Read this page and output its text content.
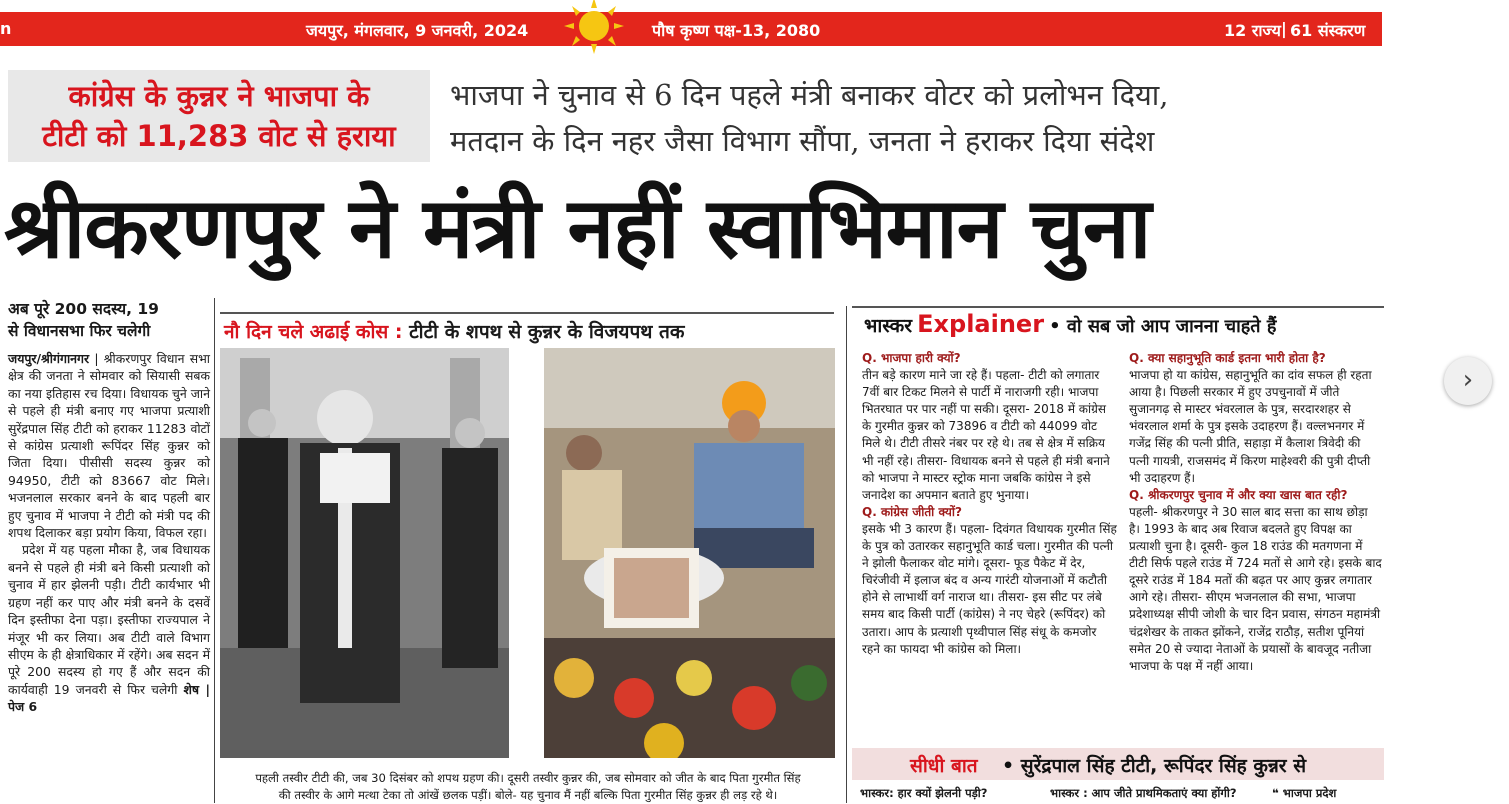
n	जयपुर, मंगलवार, 9 जनवरी, 2024	पौष कृष्ण पक्ष-13, 2080	12 राज्य | 61 संस्करण
कांग्रेस के कुन्नर ने भाजपा के
टीटी को 11,283 वोट से हराया
भाजपा ने चुनाव से 6 दिन पहले मंत्री बनाकर वोटर को प्रलोभन दिया,
मतदान के दिन नहर जैसा विभाग सौंपा, जनता ने हराकर दिया संदेश
श्रीकरणपुर ने मंत्री नहीं स्वाभिमान चुना
अब पूरे 200 सदस्य, 19
से विधानसभा फिर चलेगी

जयपुर/श्रीगंगानगर | श्रीकरणपुर विधान सभा क्षेत्र की जनता ने सोमवार को सियासी सबक का नया इतिहास रच दिया। विधायक चुने जाने से पहले ही मंत्री बनाए गए भाजपा प्रत्याशी सुरेंद्रपाल सिंह टीटी को हराकर 11283 वोटों से कांग्रेस प्रत्याशी रूपिंदर सिंह कुन्नर को जिता दिया। पीसीसी सदस्य कुन्नर को 94950, टीटी को 83667 वोट मिले। भजनलाल सरकार बनने के बाद पहली बार हुए चुनाव में भाजपा ने टीटी को मंत्री पद की शपथ दिलाकर बड़ा प्रयोग किया, विफल रहा।

प्रदेश में यह पहला मौका है, जब विधायक बनने से पहले ही मंत्री बने किसी प्रत्याशी को चुनाव में हार झेलनी पड़ी। टीटी कार्यभार भी ग्रहण नहीं कर पाए और मंत्री बनने के दसवें दिन इस्तीफा देना पड़ा। इस्तीफा राज्यपाल ने मंजूर भी कर लिया। अब टीटी वाले विभाग सीएम के ही क्षेत्राधिकार में रहेंगे। अब सदन में पूरे 200 सदस्य हो गए हैं और सदन की कार्यवाही 19 जनवरी से फिर चलेगी शेष | पेज 6

नौ दिन चले अढाई कोस : टीटी के शपथ से कुन्नर के विजयपथ तक
पहली तस्वीर टीटी की, जब 30 दिसंबर को शपथ ग्रहण की। दूसरी तस्वीर कुन्नर की, जब सोमवार को जीत के बाद पिता गुरमीत सिंह
की तस्वीर के आगे मत्था टेका तो आंखें छलक पड़ीं। बोले- यह चुनाव मैं नहीं बल्कि पिता गुरमीत सिंह कुन्नर ही लड़ रहे थे।
भास्कर Explainer • वो सब जो आप जानना चाहते हैं

Q. भाजपा हारी क्यों?

तीन बड़े कारण माने जा रहे हैं। पहला- टीटी को लगातार 7वीं बार टिकट मिलने से पार्टी में नाराजगी रही। भाजपा भितरघात पर पार नहीं पा सकी। दूसरा- 2018 में कांग्रेस के गुरमीत कुन्नर को 73896 व टीटी को 44099 वोट मिले थे। टीटी तीसरे नंबर पर रहे थे। तब से क्षेत्र में सक्रिय भी नहीं रहे। तीसरा- विधायक बनने से पहले ही मंत्री बनाने को भाजपा ने मास्टर स्ट्रोक माना जबकि कांग्रेस ने इसे जनादेश का अपमान बताते हुए भुनाया।

Q. कांग्रेस जीती क्यों?

इसके भी 3 कारण हैं। पहला- दिवंगत विधायक गुरमीत सिंह के पुत्र को उतारकर सहानुभूति कार्ड चला। गुरमीत की पत्नी ने झोली फैलाकर वोट मांगे। दूसरा- फूड पैकेट में देर, चिरंजीवी में इलाज बंद व अन्य गारंटी योजनाओं में कटौती होने से लाभार्थी वर्ग नाराज था। तीसरा- इस सीट पर लंबे समय बाद किसी पार्टी (कांग्रेस) ने नए चेहरे (रूपिंदर) को उतारा। आप के प्रत्याशी पृथ्वीपाल सिंह संधू के कमजोर रहने का फायदा भी कांग्रेस को मिला।

Q. क्या सहानुभूति कार्ड इतना भारी होता है?

भाजपा हो या कांग्रेस, सहानुभूति का दांव सफल ही रहता आया है। पिछली सरकार में हुए उपचुनावों में जीते सुजानगढ़ से मास्टर भंवरलाल के पुत्र, सरदारशहर से भंवरलाल शर्मा के पुत्र इसके उदाहरण हैं। वल्लभनगर में गजेंद्र सिंह की पत्नी प्रीति, सहाड़ा में कैलाश त्रिवेदी की पत्नी गायत्री, राजसमंद में किरण माहेश्वरी की पुत्री दीप्ती भी उदाहरण हैं।

Q. श्रीकरणपुर चुनाव में और क्या खास बात रही?

पहली- श्रीकरणपुर ने 30 साल बाद सत्ता का साथ छोड़ा है। 1993 के बाद अब रिवाज बदलते हुए विपक्ष का प्रत्याशी चुना है। दूसरी- कुल 18 राउंड की मतगणना में टीटी सिर्फ पहले राउंड में 724 मतों से आगे रहे। इसके बाद दूसरे राउंड में 184 मतों की बढ़त पर आए कुन्नर लगातार आगे रहे। तीसरा- सीएम भजनलाल की सभा, भाजपा प्रदेशाध्यक्ष सीपी जोशी के चार दिन प्रवास, संगठन महामंत्री चंद्रशेखर के ताकत झोंकने, राजेंद्र राठौड़, सतीश पूनियां समेत 20 से ज्यादा नेताओं के प्रयासों के बावजूद नतीजा भाजपा के पक्ष में नहीं आया।

सीधी बात • सुरेंद्रपाल सिंह टीटी, रूपिंदर सिंह कुन्नर से
भास्कर: हार क्यों झेलनी पड़ी?	भास्कर : आप जीते प्राथमिकताएं क्या होंगी?	❝ भाजपा प्रदेश
›
